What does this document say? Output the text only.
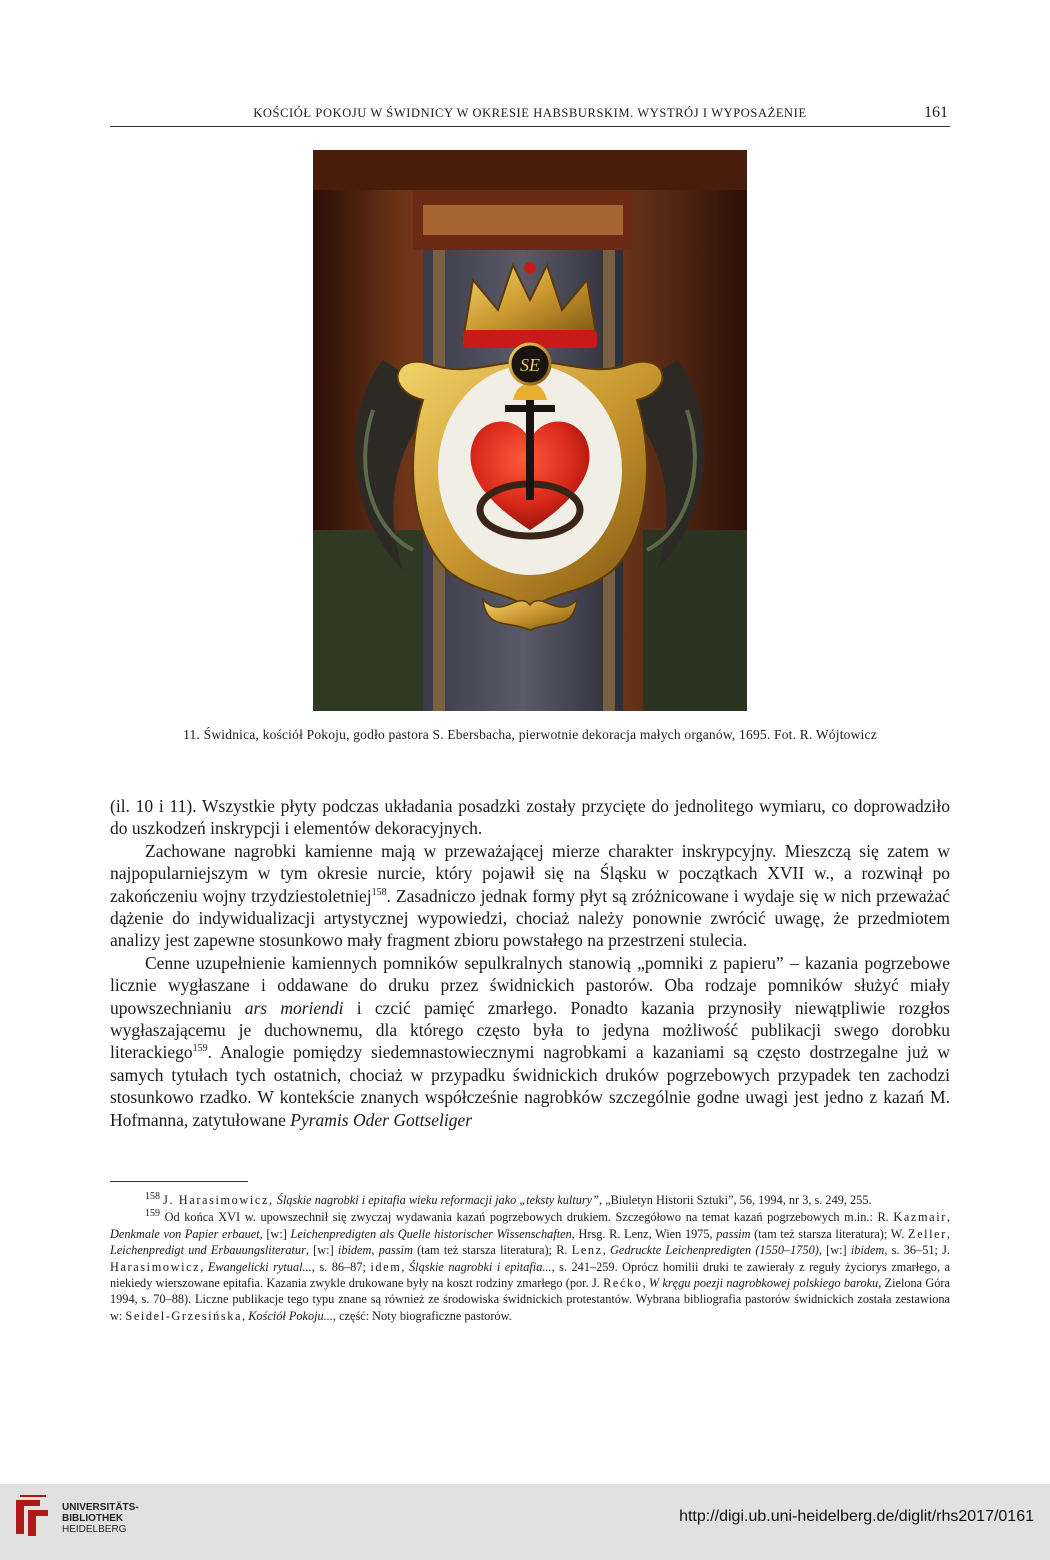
KOŚCIÓŁ POKOJU W ŚWIDNICY W OKRESIE HABSBURSKIM. WYSTRÓJ I WYPOSAŻENIE	161
SE
11. Świdnica, kościół Pokoju, godło pastora S. Ebersbacha, pierwotnie dekoracja małych organów, 1695. Fot. R. Wójtowicz

(il. 10 i 11). Wszystkie płyty podczas układania posadzki zostały przycięte do jednolitego wymiaru, co doprowadziło do uszkodzeń inskrypcji i elementów dekoracyjnych.

Zachowane nagrobki kamienne mają w przeważającej mierze charakter inskrypcyjny. Mieszczą się zatem w najpopularniejszym w tym okresie nurcie, który pojawił się na Śląsku w początkach XVII w., a rozwinął po zakończeniu wojny trzydziestoletniej$^{158}$. Zasadniczo jednak formy płyt są zróżnicowane i wydaje się w nich przeważać dążenie do indywidualizacji artystycznej wypowiedzi, chociaż należy ponownie zwrócić uwagę, że przedmiotem analizy jest zapewne stosunkowo mały fragment zbioru powstałego na przestrzeni stulecia.

Cenne uzupełnienie kamiennych pomników sepulkralnych stanowią „pomniki z papieru” – kazania pogrzebowe licznie wygłaszane i oddawane do druku przez świdnickich pastorów. Oba rodzaje pomników służyć miały upowszechnianiu ars moriendi i czcić pamięć zmarłego. Ponadto kazania przynosiły niewątpliwie rozgłos wygłaszającemu je duchownemu, dla którego często była to jedyna możliwość publikacji swego dorobku literackiego$^{159}$. Analogie pomiędzy siedemnastowiecznymi nagrobkami a kazaniami są często dostrzegalne już w samych tytułach tych ostatnich, chociaż w przypadku świdnickich druków pogrzebowych przypadek ten zachodzi stosunkowo rzadko. W kontekście znanych współcześnie nagrobków szczególnie godne uwagi jest jedno z kazań M. Hofmanna, zatytułowane Pyramis Oder Gottseliger

$^{158}$ J. Harasimowicz, Śląskie nagrobki i epitafia wieku reformacji jako „teksty kultury”, „Biuletyn Historii Sztuki”, 56, 1994, nr 3, s. 249, 255.

$^{159}$ Od końca XVI w. upowszechnił się zwyczaj wydawania kazań pogrzebowych drukiem. Szczegółowo na temat kazań pogrzebowych m.in.: R. Kazmair, Denkmale von Papier erbauet, [w:] Leichenpredigten als Quelle historischer Wissenschaften, Hrsg. R. Lenz, Wien 1975, passim (tam też starsza literatura); W. Zeller, Leichenpredigt und Erbauungsliteratur, [w:] ibidem, passim (tam też starsza literatura); R. Lenz, Gedruckte Leichenpredigten (1550–1750), [w:] ibidem, s. 36–51; J. Harasimowicz, Ewangelicki rytual..., s. 86–87; idem, Śląskie nagrobki i epitafia..., s. 241–259. Oprócz homilii druki te zawierały z reguły życiorys zmarłego, a niekiedy wierszowane epitafia. Kazania zwykle drukowane były na koszt rodziny zmarłego (por. J. Rećko, W kręgu poezji nagrobkowej polskiego baroku, Zielona Góra 1994, s. 70–88). Liczne publikacje tego typu znane są również ze środowiska świdnickich protestantów. Wybrana bibliografia pastorów świdnickich została zestawiona w: Seidel-Grzesińska, Kościół Pokoju..., część: Noty biograficzne pastorów.

UNIVERSITÄTS-
BIBLIOTHEK
HEIDELBERG
http://digi.ub.uni-heidelberg.de/diglit/rhs2017/0161
